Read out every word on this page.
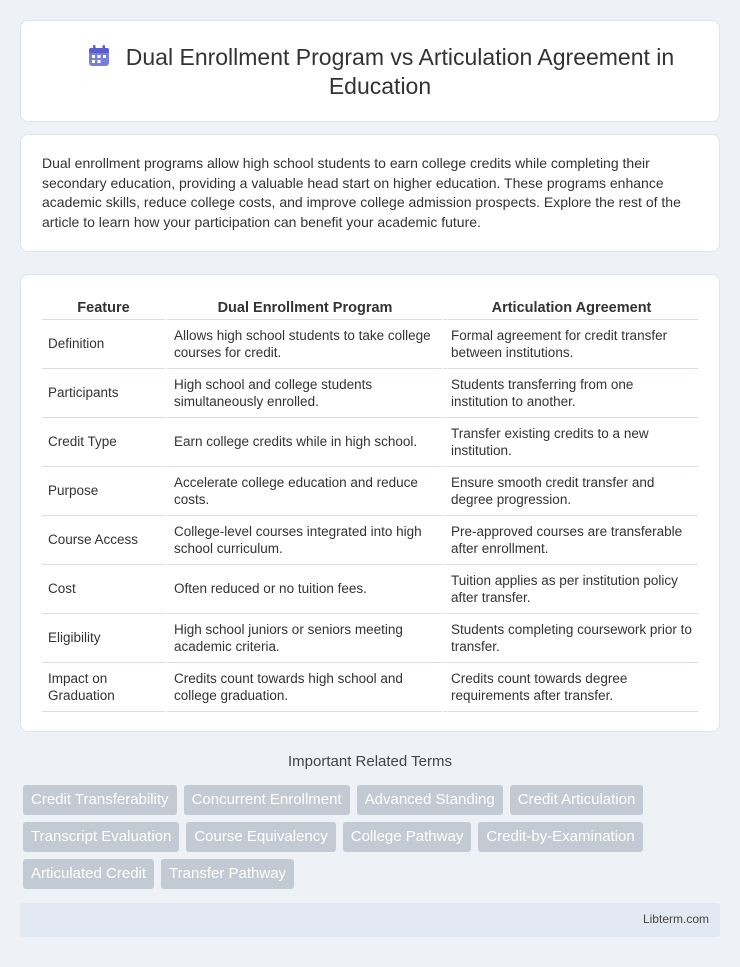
Dual Enrollment Program vs Articulation Agreement in Education

Dual enrollment programs allow high school students to earn college credits while completing their secondary education, providing a valuable head start on higher education. These programs enhance academic skills, reduce college costs, and improve college admission prospects. Explore the rest of the article to learn how your participation can benefit your academic future.

Feature	Dual Enrollment Program	Articulation Agreement
Definition	Allows high school students to take college courses for credit.	Formal agreement for credit transfer between institutions.
Participants	High school and college students simultaneously enrolled.	Students transferring from one institution to another.
Credit Type	Earn college credits while in high school.	Transfer existing credits to a new institution.
Purpose	Accelerate college education and reduce costs.	Ensure smooth credit transfer and degree progression.
Course Access	College-level courses integrated into high school curriculum.	Pre-approved courses are transferable after enrollment.
Cost	Often reduced or no tuition fees.	Tuition applies as per institution policy after transfer.
Eligibility	High school juniors or seniors meeting academic criteria.	Students completing coursework prior to transfer.
Impact on Graduation	Credits count towards high school and college graduation.	Credits count towards degree requirements after transfer.
Important Related Terms
Credit Transferability	Concurrent Enrollment	Advanced Standing	Credit Articulation
Transcript Evaluation	Course Equivalency	College Pathway	Credit-by-Examination
Articulated Credit	Transfer Pathway
Libterm.com
